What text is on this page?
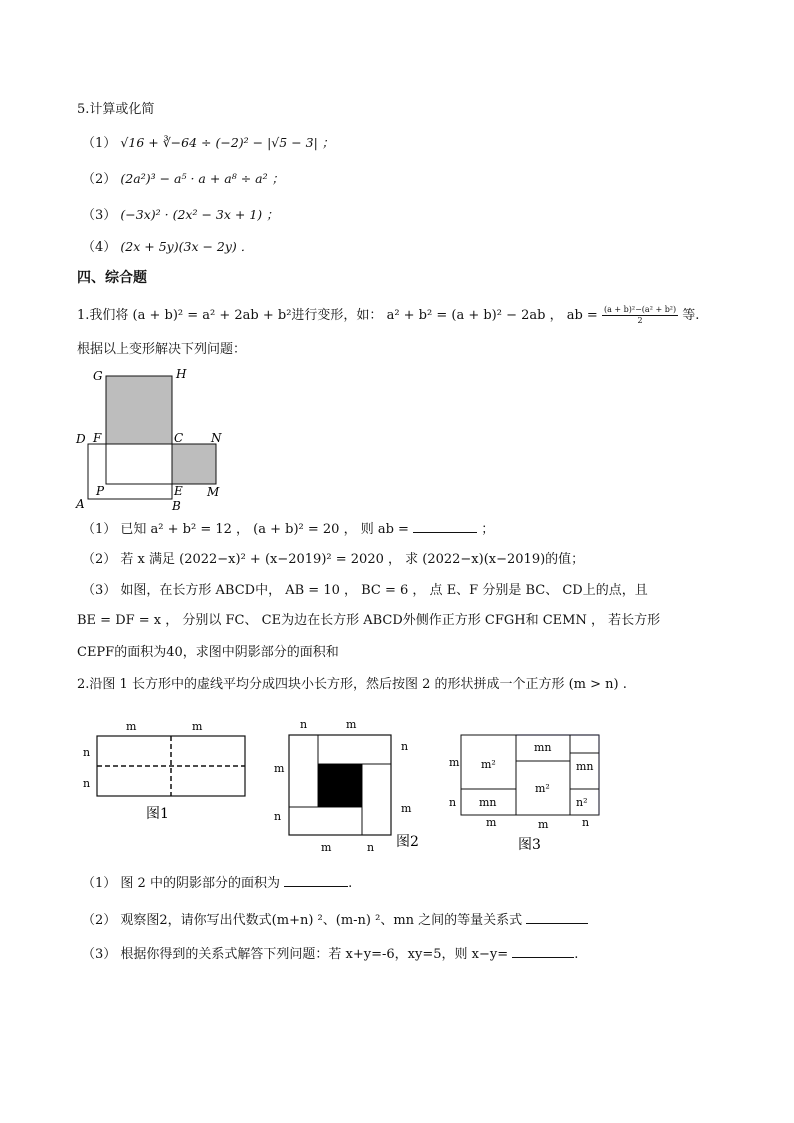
5.计算或化简
（1） √16 + ∛−64 ÷ (−2)² − |√5 − 3| ；
（2） (2a²)³ − a⁵ · a + a⁸ ÷ a² ；
（3） (−3x)² · (2x² − 3x + 1) ；
（4） (2x + 5y)(3x − 2y) ．
四、综合题
1.我们将 (a + b)² = a² + 2ab + b²进行变形，如： a² + b² = (a + b)² − 2ab ， ab = $\frac{\text{(a + b)²−(a² + b²)}}{2}$ 等.
根据以上变形解决下列问题：
G	H
D F	C N
P	E M
A	B
（1） 已知 a² + b² = 12 ， (a + b)² = 20 ， 则 ab =	；
（2） 若 x 满足 (2022−x)² + (x−2019)² = 2020 ， 求 (2022−x)(x−2019)的值；
（3） 如图，在长方形 ABCD中， AB = 10 ， BC = 6 ， 点 E、F 分别是 BC、 CD上的点，且
BE = DF = x ， 分别以 FC、 CE为边在长方形 ABCD外侧作正方形 CFGH和 CEMN ， 若长方形
CEPF的面积为40，求图中阴影部分的面积和
2.沿图 1 长方形中的虚线平均分成四块小长方形，然后按图 2 的形状拼成一个正方形 (m > n) .
m	m
n
n
图1
n	m
m
n
n
m
m	n 图2
m²
mn
mn
m²
mn	n²
m
n
m	m	n
图3
（1） 图 2 中的阴影部分的面积为	.
（2） 观察图2，请你写出代数式(m+n) ²、(m-n) ²、mn 之间的等量关系式
（3） 根据你得到的关系式解答下列问题：若 x+y=-6，xy=5，则 x−y=	.
